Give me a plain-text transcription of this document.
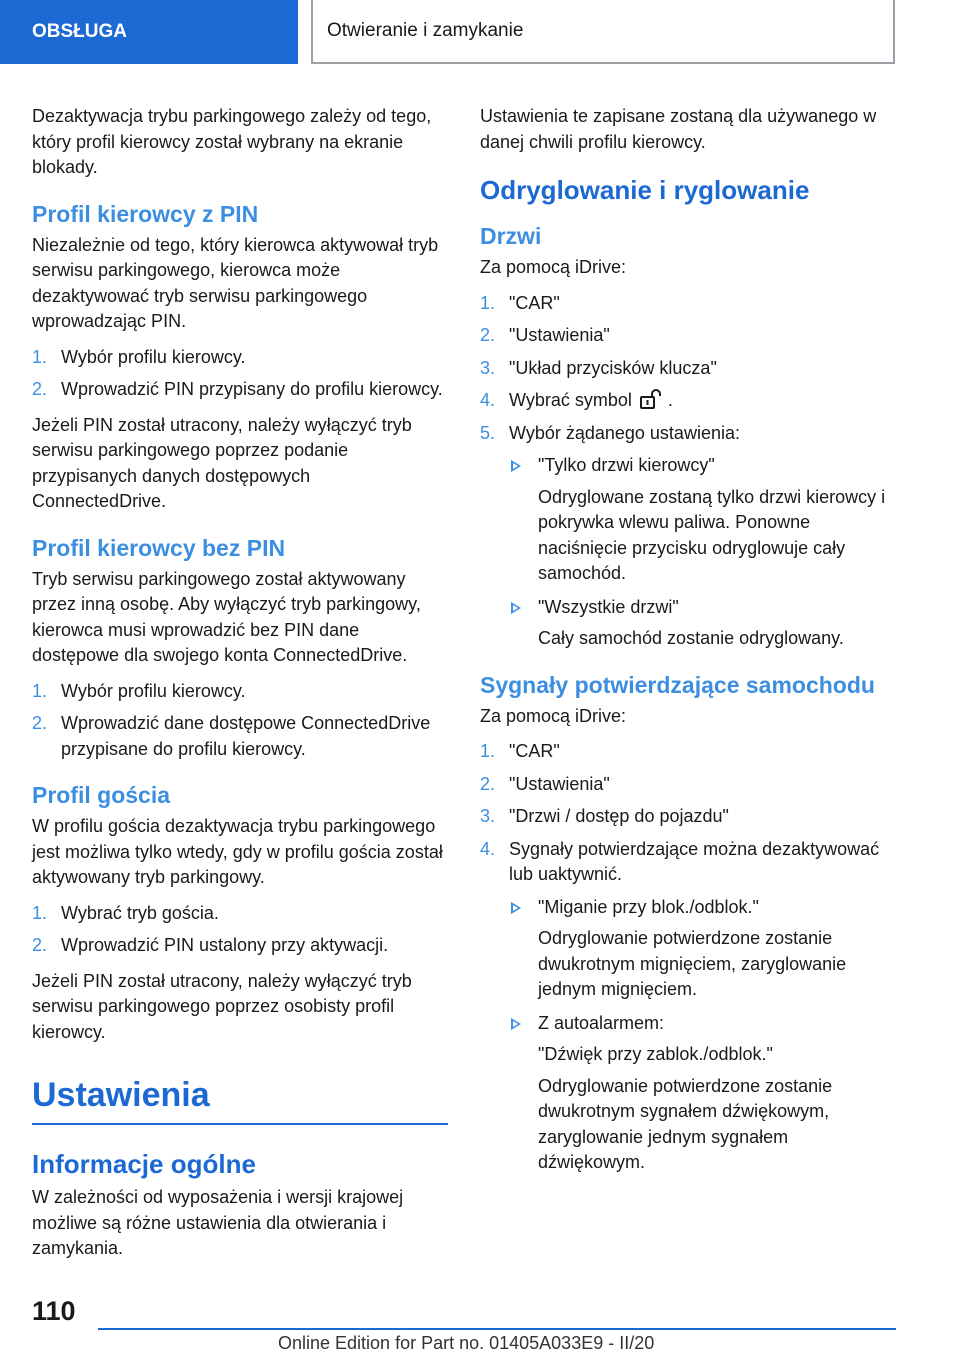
OBSŁUGA	Otwieranie i zamykanie

Dezaktywacja trybu parkingowego zależy od tego, który profil kierowcy został wybrany na ekranie blokady.

Profil kierowcy z PIN

Niezależnie od tego, który kierowca aktywował tryb serwisu parkingowego, kierowca może dezaktywować tryb serwisu parkingowego wprowadzając PIN.

1. Wybór profilu kierowcy.
2. Wprowadzić PIN przypisany do profilu kierowcy.

Jeżeli PIN został utracony, należy wyłączyć tryb serwisu parkingowego poprzez podanie przypisanych danych dostępowych ConnectedDrive.

Profil kierowcy bez PIN

Tryb serwisu parkingowego został aktywowany przez inną osobę. Aby wyłączyć tryb parkingowy, kierowca musi wprowadzić bez PIN dane dostępowe dla swojego konta ConnectedDrive.

1. Wybór profilu kierowcy.
2. Wprowadzić dane dostępowe ConnectedDrive przypisane do profilu kierowcy.
Profil gościa

W profilu gościa dezaktywacja trybu parkingowego jest możliwa tylko wtedy, gdy w profilu gościa został aktywowany tryb parkingowy.

1. Wybrać tryb gościa.
2. Wprowadzić PIN ustalony przy aktywacji.

Jeżeli PIN został utracony, należy wyłączyć tryb serwisu parkingowego poprzez osobisty profil kierowcy.

Ustawienia
Informacje ogólne

W zależności od wyposażenia i wersji krajowej możliwe są różne ustawienia dla otwierania i zamykania.

Ustawienia te zapisane zostaną dla używanego w danej chwili profilu kierowcy.

Odryglowanie i ryglowanie
Drzwi

Za pomocą iDrive:

1. "CAR"
2. "Ustawienia"
3. "Układ przycisków klucza"
4. Wybrać symbol .
5. Wybór żądanego ustawienia:
"Tylko drzwi kierowcy"
Odryglowane zostaną tylko drzwi kierowcy i pokrywka wlewu paliwa. Ponowne naciśnięcie przycisku odryglowuje cały samochód.
"Wszystkie drzwi"
Cały samochód zostanie odryglowany.
Sygnały potwierdzające samochodu

Za pomocą iDrive:

1. "CAR"
2. "Ustawienia"
3. "Drzwi / dostęp do pojazdu"
4. Sygnały potwierdzające można dezaktywować lub uaktywnić.
"Miganie przy blok./odblok."
Odryglowanie potwierdzone zostanie dwukrotnym mignięciem, zaryglowanie jednym mignięciem.
Z autoalarmem:
"Dźwięk przy zablok./odblok."
Odryglowanie potwierdzone zostanie dwukrotnym sygnałem dźwiękowym, zaryglowanie jednym sygnałem dźwiękowym.
110
Online Edition for Part no. 01405A033E9 - II/20
